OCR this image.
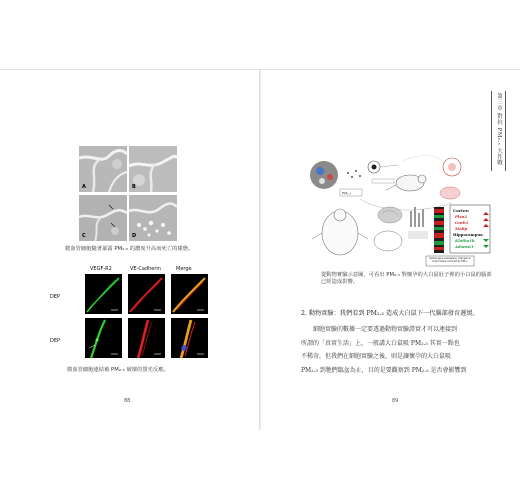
A	B
C	D
微血管細胞隨著暴露 PM₂.₅ 的濃度升高而死亡的樣態。
VEGF-R2	VE-Cadherin	Merge
DEP
DEP
微血管細胞連結被 PM₂.₅ 破壞的螢光反應。
88
第三章 對抗 PM₂.₅ 大作戰
PM₂.₅
Cortex:
Plxn2
Gnrh1
Malip
Hippocampus:
Klotho1b
Adamst1
Global gene expression changes in brain tissue induced by PM₂.₅
從動物實驗示意圖，可看出 PM₂.₅ 對懷孕的大白鼠肚子裡的小白鼠的腦部已經造成影響。
2. 動物實驗：我們看到 PM₂.₅ 造成大白鼠下一代腦部發育遲緩。
細胞實驗的數據一定要透過動物實驗證實才可以連接到
所謂的「真實生活」上，一般講大白鼠吸 PM₂.₅ 其實一點也
不稀奇，但我們在細胞實驗之後，則是讓懷孕的大白鼠吸
PM₂.₅ 到牠們臨盆為止，目的是要觀察到 PM₂.₅ 是否會影響到
89
